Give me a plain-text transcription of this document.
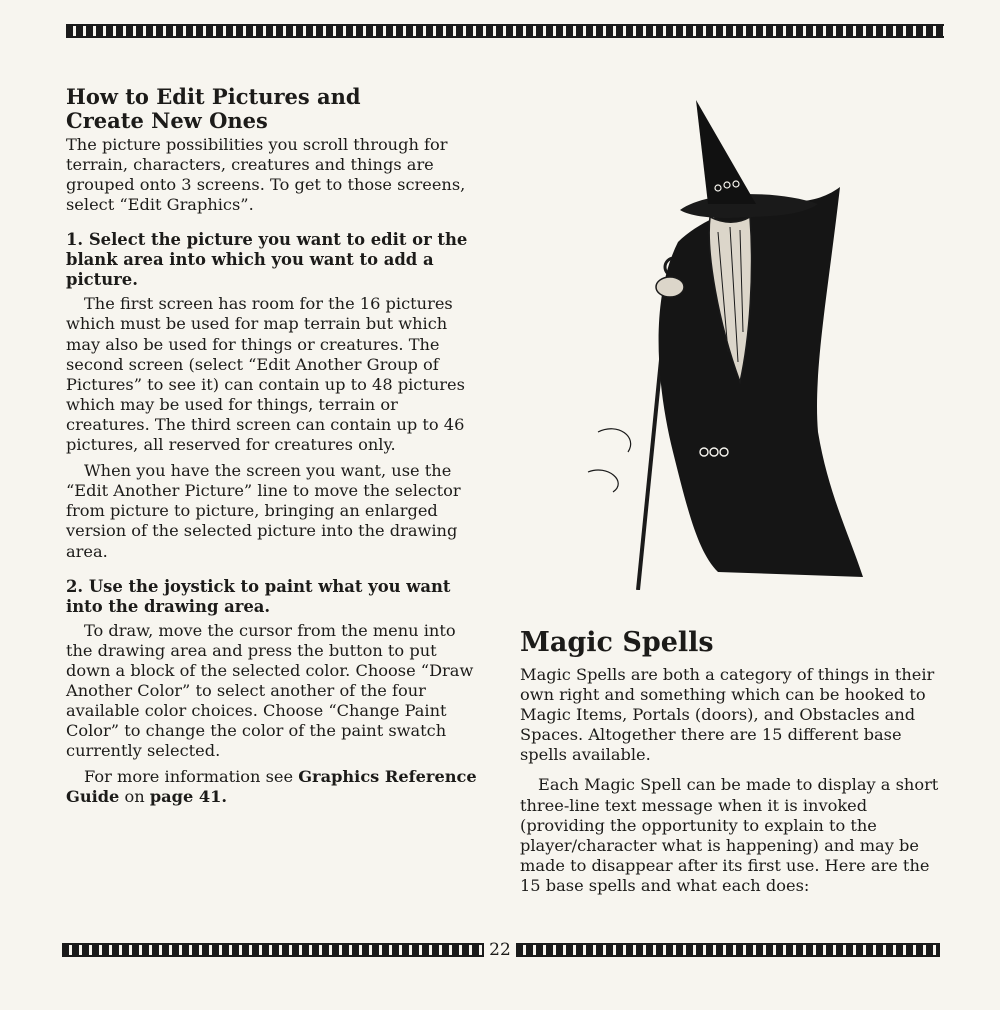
How to Edit Pictures and
Create New Ones

The picture possibilities you scroll through for terrain, characters, creatures and things are grouped onto 3 screens. To get to those screens, select “Edit Graphics”.

1. Select the picture you want to edit or the blank area into which you want to add a picture.

The first screen has room for the 16 pictures which must be used for map terrain but which may also be used for things or creatures. The second screen (select “Edit Another Group of Pictures” to see it) can contain up to 48 pictures which may be used for things, terrain or creatures. The third screen can contain up to 46 pictures, all reserved for creatures only.

When you have the screen you want, use the “Edit Another Picture” line to move the selector from picture to picture, bringing an enlarged version of the selected picture into the drawing area.

2. Use the joystick to paint what you want into the drawing area.

To draw, move the cursor from the menu into the drawing area and press the button to put down a block of the selected color. Choose “Draw Another Color” to select another of the four available color choices. Choose “Change Paint Color” to change the color of the paint swatch currently selected.

For more information see Graphics Reference Guide on page 41.

Magic Spells

Magic Spells are both a category of things in their own right and something which can be hooked to Magic Items, Portals (doors), and Obstacles and Spaces. Altogether there are 15 different base spells available.

Each Magic Spell can be made to display a short three-line text message when it is invoked (providing the opportunity to explain to the player/character what is happening) and may be made to disappear after its first use. Here are the 15 base spells and what each does:

22
